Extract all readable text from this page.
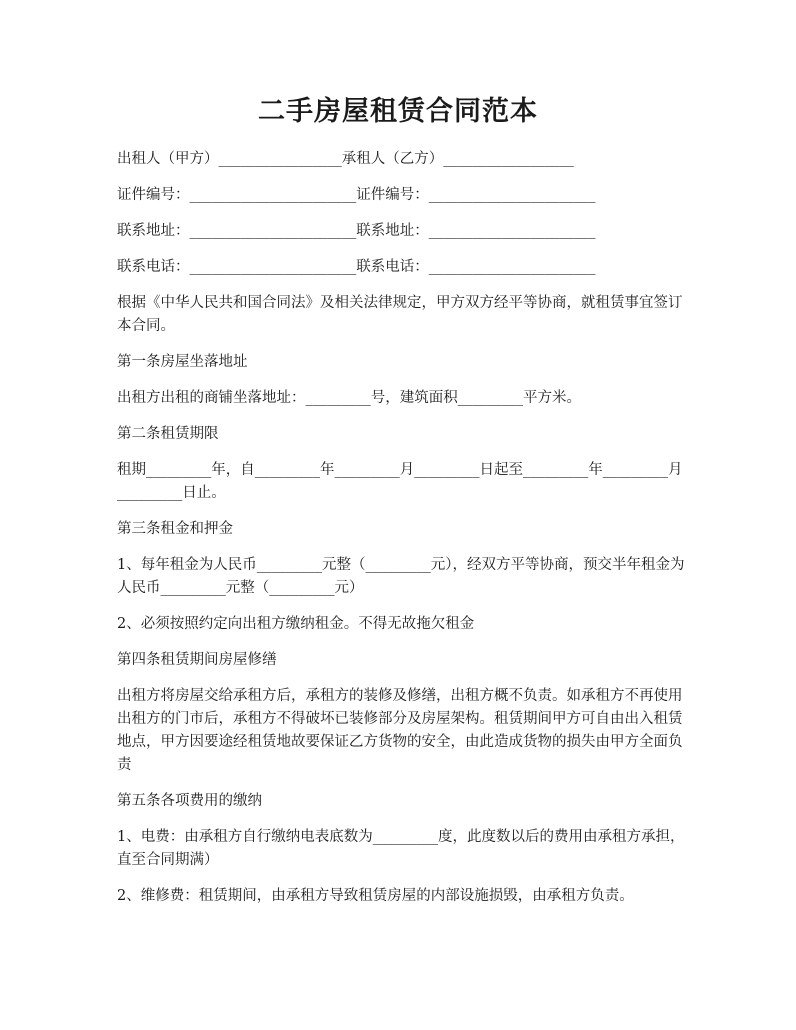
二手房屋租赁合同范本

出租人（甲方）_________________承租人（乙方）__________________

证件编号：_______________________证件编号：_______________________

联系地址：_______________________联系地址：_______________________

联系电话：_______________________联系电话：_______________________

根据《中华人民共和国合同法》及相关法律规定，甲方双方经平等协商，就租赁事宜签订本合同。

第一条房屋坐落地址

出租方出租的商铺坐落地址：_________号，建筑面积_________平方米。

第二条租赁期限

租期_________年，自_________年_________月_________日起至_________年_________月_________日止。

第三条租金和押金

1、每年租金为人民币_________元整（_________元），经双方平等协商，预交半年租金为人民币_________元整（_________元）

2、必须按照约定向出租方缴纳租金。不得无故拖欠租金

第四条租赁期间房屋修缮

出租方将房屋交给承租方后，承租方的装修及修缮，出租方概不负责。如承租方不再使用出租方的门市后，承租方不得破坏已装修部分及房屋架构。租赁期间甲方可自由出入租赁地点，甲方因要途经租赁地故要保证乙方货物的安全，由此造成货物的损失由甲方全面负责

第五条各项费用的缴纳

1、电费：由承租方自行缴纳电表底数为_________度，此度数以后的费用由承租方承担，直至合同期满）

2、维修费：租赁期间，由承租方导致租赁房屋的内部设施损毁，由承租方负责。
